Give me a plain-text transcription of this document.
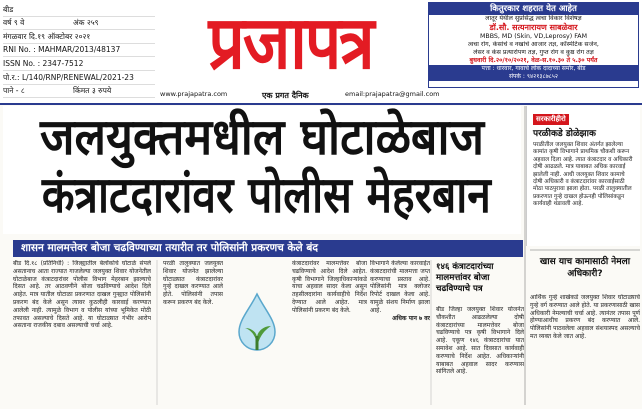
बीड
वर्ष ९ वे	अंक २५९
मंगळवार दि.१९ ऑक्टोबर २०२१
RNI No. : MAHMAR/2013/48137
ISSN No. : 2347-7512
पो.र.: L/140/RNP/RENEWAL/2021-23
पाने - ८	किंमत ३ रुपये
प्रजापत्र
www.prajapatra.com	एक प्रगत दैनिक	email:prajapatra@gmail.com
कितुरकार शहरात येत आहेत
लातूर येथील सुप्रसिद्ध त्वचा विकार विशेषज्ञ
डॉ.सौ. सत्यनारायण साबळेवार
MBBS, MD (Skin, VD,Leprosy) FAM
त्वचा रोग, केसांचे व नखांचे आजार तज्ञ, कॉस्मेटिक सर्जन,
लेसर व केस प्रत्यारोपण तज्ञ, गुप्त रोग व कुष्ठ रोग तज्ञ
बुधवारी दि.२०/१०/२०२१, वेळ-स.१०.३० ते ५.३० पर्यंत
पत्ता : धारवार, गावाचे लोक दादाच्या समोर, बीड
संपर्क : ९४२१३८७८५२
जलयुक्तमधील घोटाळेबाज
कंत्राटदारांवर पोलीस मेहरबान
शासन मालमत्तेवर बोजा चढविण्याच्या तयारीत तर पोलिसांनी प्रकरणच केले बंद
बीड दि.१८ (प्रतिनिधी) : जिल्ह्यातील बेलोंकोचे घोटाळे संपले असतानाच आता राज्यात गाजलेल्या जलयुक्त शिवार योजनेतील घोटाळेबाज कंत्राटदारांवर पोलीस विभाग मेहरबान झाल्याचे दिसत आहे. तर आठवणीने बोजा चढविण्याचे आदेश दिले आहेत. मात्र यातील घोटाळा प्रकरणात दाखल गुन्ह्यात पोलिसांनी प्रकरण बंद केले असून त्यावर कुठलीही कारवाई करण्यात आलेली नाही. त्यामुळे विभाग व पोलीस यांच्या भूमिकेत मोठी तफावत असल्याचे दिसते आहे. या घोटाळ्यात गंभीर आरोप असताना राजकीय दबाव असल्याची चर्चा आहे.
परळी तालुक्यात जलयुक्त शिवार योजनेत झालेल्या घोटाळ्यात कंत्राटदारांवर गुन्हे दाखल करण्यात आले होते. पोलिसांनी तपास करून प्रकरण बंद केले.
कंत्राटदारांवर मालमत्तेवर बोजा चढविण्याचे आदेश दिले आहेत. कृषी विभागाने जिल्हाधिकाऱ्यांकडे याचा अहवाल सादर केला असून तहसीलदारांना कार्यवाहीचे निर्देश देण्यात आले आहेत. मात्र पोलिसांनी प्रकरण बंद केले.
विभागाने केलेल्या कारवाईत कंत्राटदारांची मालमत्ता जप्त करण्याचा प्रस्ताव आहे. पोलिसांनी मात्र क्लोजर रिपोर्ट दाखल केला आहे. यामुळे संशय निर्माण झाला आहे.
अधिक पान ७ वर
१४६ कंत्राटदारांच्या मालमत्तांवर बोजा चढविण्याचे पत्र
बीड जिल्हा जलयुक्त शिवार योजनेत चौकशीत आढळलेल्या दोषी कंत्राटदारांच्या मालमत्तेवर बोजा चढविण्याचे पत्र कृषी विभागाने दिले आहे. एकूण १४६ कंत्राटदारांचा यात समावेश आहे. सात दिवसात कार्यवाही करण्याचे निर्देश आहेत. अधिकाऱ्यांनी याबाबत अहवाल सादर करण्यास सांगितले आहे.
सरकारीहीरो
परळीकडे डोळेझाक
परळीतील जलयुक्त शिवार अंतर्गत झालेल्या कामांत कृषी विभागाने प्राथमिक चौकशी करून अहवाल दिला आहे. त्यात कंत्राटदार व अधिकारी दोषी आढळले. मात्र याबाबत अधिक कारवाई झालेली नाही. आधी जलयुक्त शिवार कामाचे दोषी अधिकारी व कंत्राटदारांवर कारवाईसाठी मोठा पाठपुरावा झाला होता. परळी तालुक्यातील प्रकरणात गुन्हे दाखल होऊनही पोलिसांकडून कार्यवाही थंडावली आहे.
खास याच कामासाठी नेमला अधिकारी?
आर्थिक गुन्हे शाखेकडे जलयुक्त शिवार घोटाळ्याचे गुन्हे वर्ग करण्यात आले होते. या प्रकरणासाठी खास अधिकारी नेमल्याची चर्चा आहे. त्यानंतर तपास पूर्ण होण्याआधीच प्रकरण बंद करण्यात आले. पोलिसांनी पाठवलेला अहवाल संशयास्पद असल्याचे मत व्यक्त केले जात आहे.
